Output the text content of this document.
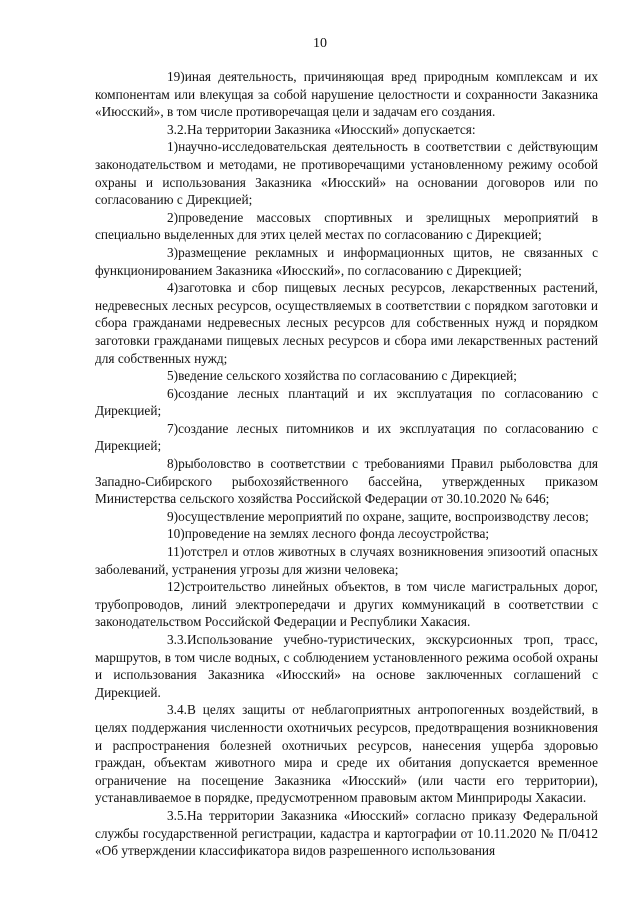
10

19)иная деятельность, причиняющая вред природным комплексам и их компонентам или влекущая за собой нарушение целостности и сохранности Заказника «Июсский», в том числе противоречащая цели и задачам его создания.

3.2.На территории Заказника «Июсский» допускается:

1)научно-исследовательская деятельность в соответствии с действующим законодательством и методами, не противоречащими установленному режиму особой охраны и использования Заказника «Июсский» на основании договоров или по согласованию с Дирекцией;

2)проведение массовых спортивных и зрелищных мероприятий в специально выделенных для этих целей местах по согласованию с Дирекцией;

3)размещение рекламных и информационных щитов, не связанных с функционированием Заказника «Июсский», по согласованию с Дирекцией;

4)заготовка и сбор пищевых лесных ресурсов, лекарственных растений, недревесных лесных ресурсов, осуществляемых в соответствии с порядком заготовки и сбора гражданами недревесных лесных ресурсов для собственных нужд и порядком заготовки гражданами пищевых лесных ресурсов и сбора ими лекарственных растений для собственных нужд;

5)ведение сельского хозяйства по согласованию с Дирекцией;

6)создание лесных плантаций и их эксплуатация по согласованию с Дирекцией;

7)создание лесных питомников и их эксплуатация по согласованию с Дирекцией;

8)рыболовство в соответствии с требованиями Правил рыболовства для Западно-Сибирского рыбохозяйственного бассейна, утвержденных приказом Министерства сельского хозяйства Российской Федерации от 30.10.2020 № 646;

9)осуществление мероприятий по охране, защите, воспроизводству лесов;

10)проведение на землях лесного фонда лесоустройства;

11)отстрел и отлов животных в случаях возникновения эпизоотий опасных заболеваний, устранения угрозы для жизни человека;

12)строительство линейных объектов, в том числе магистральных дорог, трубопроводов, линий электропередачи и других коммуникаций в соответствии с законодательством Российской Федерации и Республики Хакасия.

3.3.Использование учебно-туристических, экскурсионных троп, трасс, маршрутов, в том числе водных, с соблюдением установленного режима особой охраны и использования Заказника «Июсский» на основе заключенных соглашений с Дирекцией.

3.4.В целях защиты от неблагоприятных антропогенных воздействий, в целях поддержания численности охотничьих ресурсов, предотвращения возникновения и распространения болезней охотничьих ресурсов, нанесения ущерба здоровью граждан, объектам животного мира и среде их обитания допускается временное ограничение на посещение Заказника «Июсский» (или части его территории), устанавливаемое в порядке, предусмотренном правовым актом Минприроды Хакасии.

3.5.На территории Заказника «Июсский» согласно приказу Федеральной службы государственной регистрации, кадастра и картографии от 10.11.2020 № П/0412 «Об утверждении классификатора видов разрешенного использования
